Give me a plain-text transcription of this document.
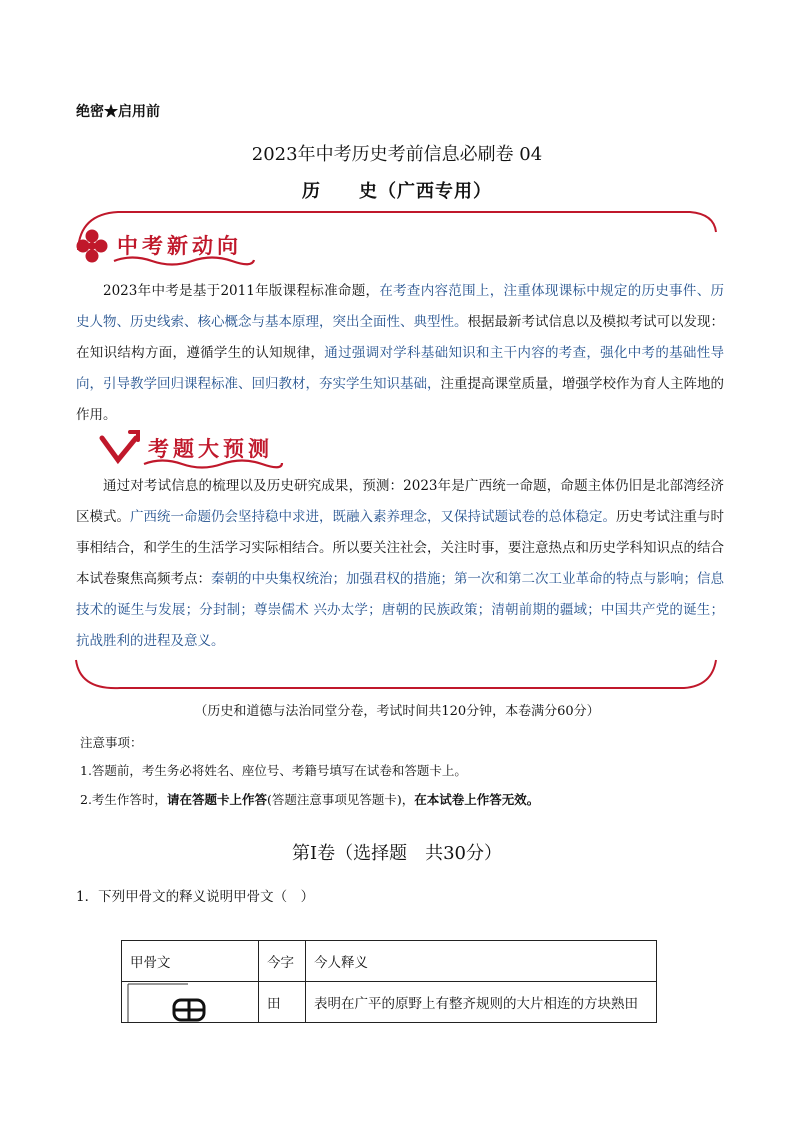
绝密★启用前
2023年中考历史考前信息必刷卷 04
历　　史（广西专用）
中考新动向
2023年中考是基于2011年版课程标准命题，在考查内容范围上，注重体现课标中规定的历史事件、历史人物、历史线索、核心概念与基本原理，突出全面性、典型性。根据最新考试信息以及模拟考试可以发现：在知识结构方面，遵循学生的认知规律，通过强调对学科基础知识和主干内容的考查，强化中考的基础性导向，引导教学回归课程标准、回归教材，夯实学生知识基础，注重提高课堂质量，增强学校作为育人主阵地的作用。
考题大预测
通过对考试信息的梳理以及历史研究成果，预测：2023年是广西统一命题，命题主体仍旧是北部湾经济区模式。广西统一命题仍会坚持稳中求进，既融入素养理念，又保持试题试卷的总体稳定。历史考试注重与时事相结合，和学生的生活学习实际相结合。所以要关注社会，关注时事，要注意热点和历史学科知识点的结合本试卷聚焦高频考点：秦朝的中央集权统治；加强君权的措施；第一次和第二次工业革命的特点与影响；信息技术的诞生与发展；分封制；尊崇儒术 兴办太学；唐朝的民族政策；清朝前期的疆域；中国共产党的诞生；抗战胜利的进程及意义。
（历史和道德与法治同堂分卷，考试时间共120分钟，本卷满分60分）
注意事项：
1.答题前，考生务必将姓名、座位号、考籍号填写在试卷和答题卡上。
2.考生作答时，请在答题卡上作答(答题注意事项见答题卡)，在本试卷上作答无效。
第Ⅰ卷（选择题　共30分）
1．下列甲骨文的释义说明甲骨文（　）
甲骨文	今字	今人释义

	田	表明在广平的原野上有整齐规则的大片相连的方块熟田
